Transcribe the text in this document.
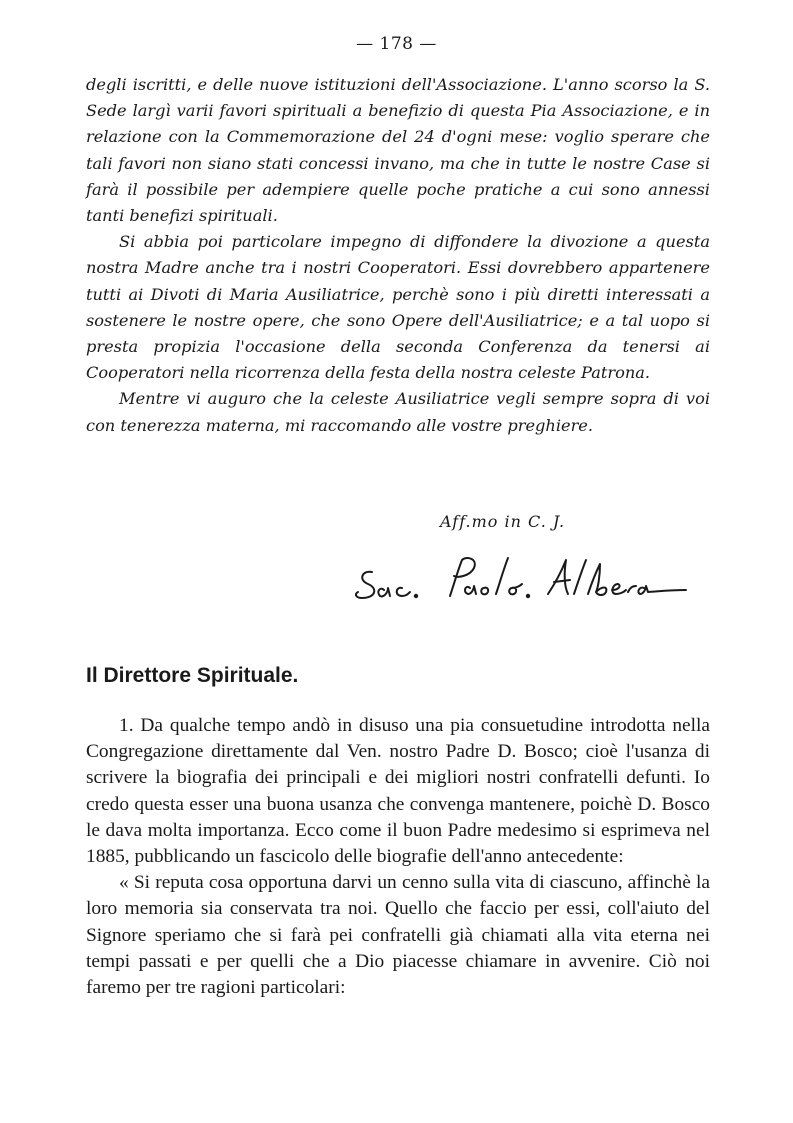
— 178 —

degli iscritti, e delle nuove istituzioni dell'Associazione. L'anno scorso la S. Sede largì varii favori spirituali a benefizio di questa Pia Associazione, e in relazione con la Commemorazione del 24 d'ogni mese: voglio sperare che tali favori non siano stati concessi invano, ma che in tutte le nostre Case si farà il possibile per adempiere quelle poche pratiche a cui sono annessi tanti benefizi spirituali.

Si abbia poi particolare impegno di diffondere la divozione a questa nostra Madre anche tra i nostri Cooperatori. Essi dovrebbero appartenere tutti ai Divoti di Maria Ausiliatrice, perchè sono i più diretti interessati a sostenere le nostre opere, che sono Opere dell'Ausiliatrice; e a tal uopo si presta propizia l'occasione della seconda Conferenza da tenersi ai Cooperatori nella ricorrenza della festa della nostra celeste Patrona.

Mentre vi auguro che la celeste Ausiliatrice vegli sempre sopra di voi con tenerezza materna, mi raccomando alle vostre preghiere.

Aff.mo in C. J.
Il Direttore Spirituale.

1. Da qualche tempo andò in disuso una pia consuetudine introdotta nella Congregazione direttamente dal Ven. nostro Padre D. Bosco; cioè l'usanza di scrivere la biografia dei principali e dei migliori nostri confratelli defunti. Io credo questa esser una buona usanza che convenga mantenere, poichè D. Bosco le dava molta importanza. Ecco come il buon Padre medesimo si esprimeva nel 1885, pubblicando un fascicolo delle biografie dell'anno antecedente:

« Si reputa cosa opportuna darvi un cenno sulla vita di ciascuno, affinchè la loro memoria sia conservata tra noi. Quello che faccio per essi, coll'aiuto del Signore speriamo che si farà pei confratelli già chiamati alla vita eterna nei tempi passati e per quelli che a Dio piacesse chiamare in avvenire. Ciò noi faremo per tre ragioni particolari:
